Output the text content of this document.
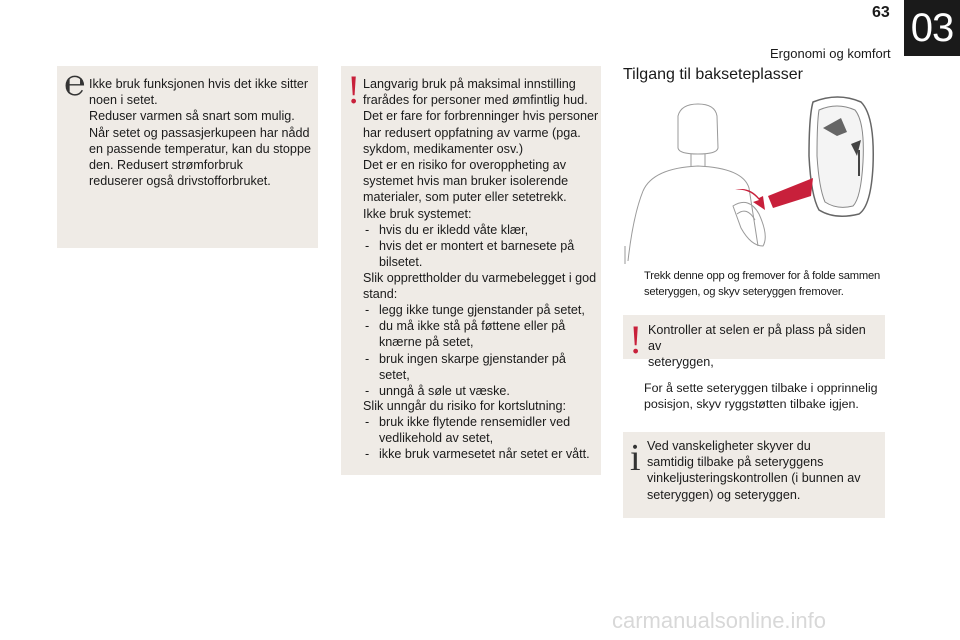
63 03
Ergonomi og komfort
℮ Ikke bruk funksjonen hvis det ikke sitter
noen i setet.
Reduser varmen så snart som mulig.
Når setet og passasjerkupeen har nådd
en passende temperatur, kan du stoppe
den. Redusert strømforbruk
reduserer også drivstofforbruket.
! Langvarig bruk på maksimal innstilling
frarådes for personer med ømfintlig hud.
Det er fare for forbrenninger hvis personer
har redusert oppfatning av varme (pga.
sykdom, medikamenter osv.)
Det er en risiko for overoppheting av
systemet hvis man bruker isolerende
materialer, som puter eller setetrekk.
Ikke bruk systemet:
- hvis du er ikledd våte klær,
- hvis det er montert et barnesete på bilsetet.
Slik opprettholder du varmebelegget i god
stand:
- legg ikke tunge gjenstander på setet,
- du må ikke stå på føttene eller på knærne på setet,
- bruk ingen skarpe gjenstander på setet,
- unngå å søle ut væske.
Slik unngår du risiko for kortslutning:
- bruk ikke flytende rensemidler ved vedlikehold av setet,
- ikke bruk varmesetet når setet er vått.
Tilgang til bakseteplasser
Trekk denne opp og fremover for å folde sammen
seteryggen, og skyv seteryggen fremover.
! Kontroller at selen er på plass på siden av
seteryggen,
For å sette seteryggen tilbake i opprinnelig
posisjon, skyv ryggstøtten tilbake igjen.
i Ved vanskeligheter skyver du
samtidig tilbake på seteryggens
vinkeljusteringskontrollen (i bunnen av
seteryggen) og seteryggen.
carmanualsonline.info
